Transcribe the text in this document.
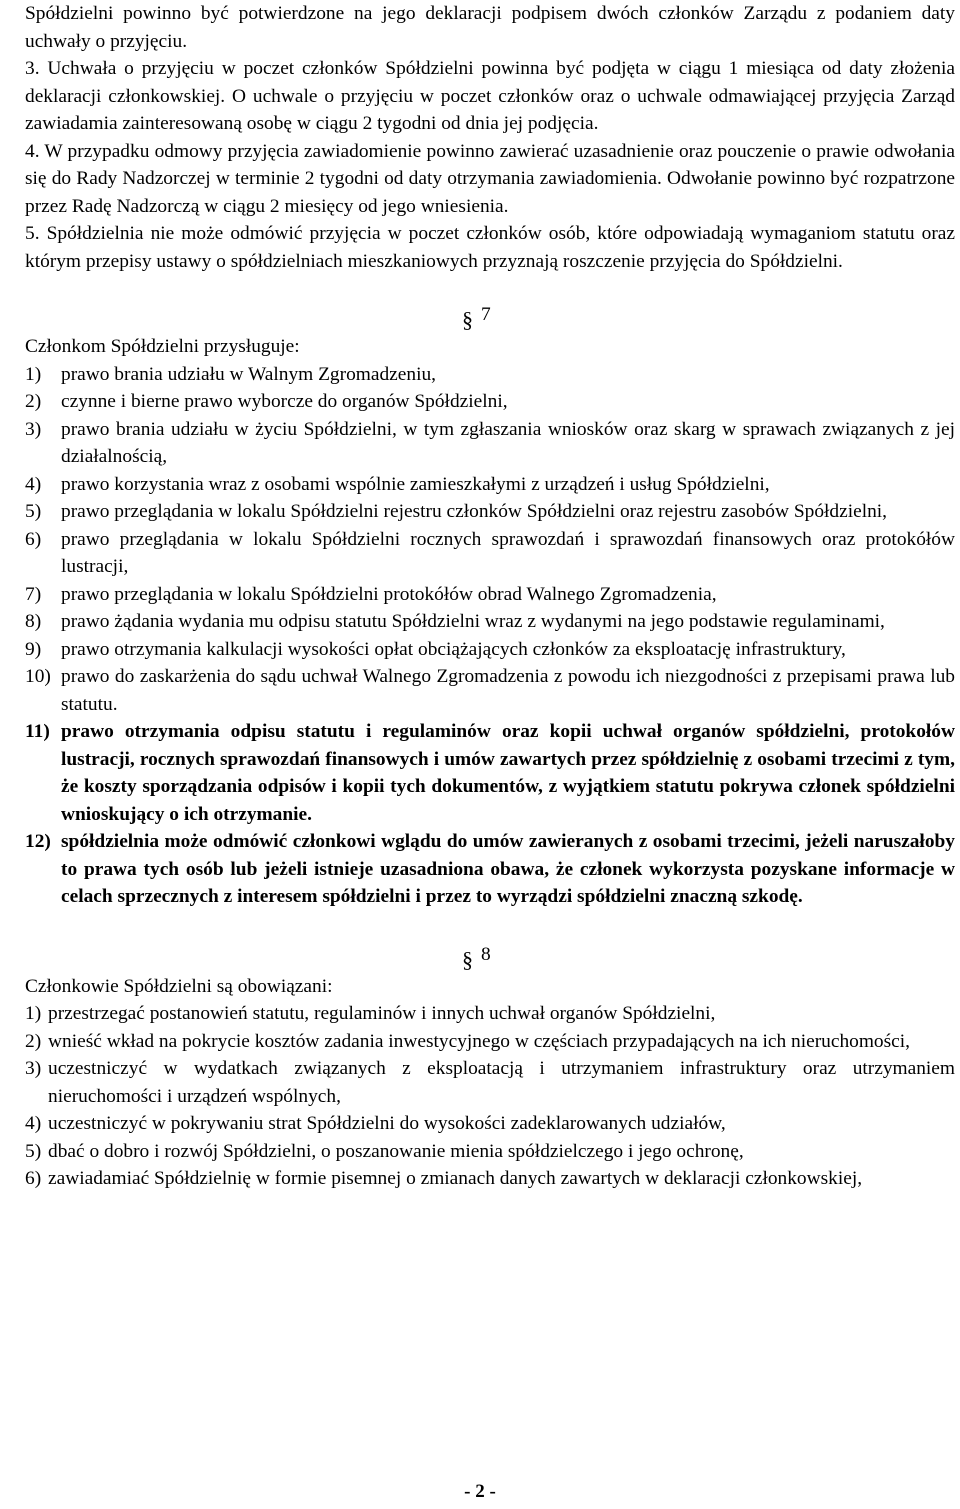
Spółdzielni powinno być potwierdzone na jego deklaracji podpisem dwóch członków Zarządu z podaniem daty uchwały o przyjęciu.

3. Uchwała o przyjęciu w poczet członków Spółdzielni powinna być podjęta w ciągu 1 miesiąca od daty złożenia deklaracji członkowskiej. O uchwale o przyjęciu w poczet członków oraz o uchwale odmawiającej przyjęcia Zarząd zawiadamia zainteresowaną osobę w ciągu 2 tygodni od dnia jej podjęcia.

4. W przypadku odmowy przyjęcia zawiadomienie powinno zawierać uzasadnienie oraz pouczenie o prawie odwołania się do Rady Nadzorczej w terminie 2 tygodni od daty otrzymania zawiadomienia. Odwołanie powinno być rozpatrzone przez Radę Nadzorczą w ciągu 2 miesięcy od jego wniesienia.

5. Spółdzielnia nie może odmówić przyjęcia w poczet członków osób, które odpowiadają wymaganiom statutu oraz którym przepisy ustawy o spółdzielniach mieszkaniowych przyznają roszczenie przyjęcia do Spółdzielni.

§ 7

Członkom Spółdzielni przysługuje:

1) prawo brania udziału w Walnym Zgromadzeniu,
2) czynne i bierne prawo wyborcze do organów Spółdzielni,
3) prawo brania udziału w życiu Spółdzielni, w tym zgłaszania wniosków oraz skarg w sprawach związanych z jej działalnością,
4) prawo korzystania wraz z osobami wspólnie zamieszkałymi z urządzeń i usług Spółdzielni,
5) prawo przeglądania w lokalu Spółdzielni rejestru członków Spółdzielni oraz rejestru zasobów Spółdzielni,
6) prawo przeglądania w lokalu Spółdzielni rocznych sprawozdań i sprawozdań finansowych oraz protokółów lustracji,
7) prawo przeglądania w lokalu Spółdzielni protokółów obrad Walnego Zgromadzenia,
8) prawo żądania wydania mu odpisu statutu Spółdzielni wraz z wydanymi na jego podstawie regulaminami,
9) prawo otrzymania kalkulacji wysokości opłat obciążających członków za eksploatację infrastruktury,
10) prawo do zaskarżenia do sądu uchwał Walnego Zgromadzenia z powodu ich niezgodności z przepisami prawa lub statutu.
11) prawo otrzymania odpisu statutu i regulaminów oraz kopii uchwał organów spółdzielni, protokołów lustracji, rocznych sprawozdań finansowych i umów zawartych przez spółdzielnię z osobami trzecimi z tym, że koszty sporządzania odpisów i kopii tych dokumentów, z wyjątkiem statutu pokrywa członek spółdzielni wnioskujący o ich otrzymanie.
12) spółdzielnia może odmówić członkowi wglądu do umów zawieranych z osobami trzecimi, jeżeli naruszałoby to prawa tych osób lub jeżeli istnieje uzasadniona obawa, że członek wykorzysta pozyskane informacje w celach sprzecznych z interesem spółdzielni i przez to wyrządzi spółdzielni znaczną szkodę.

§ 8

Członkowie Spółdzielni są obowiązani:

1) przestrzegać postanowień statutu, regulaminów i innych uchwał organów Spółdzielni,
2) wnieść wkład na pokrycie kosztów zadania inwestycyjnego w częściach przypadających na ich nieruchomości,
3) uczestniczyć w wydatkach związanych z eksploatacją i utrzymaniem infrastruktury oraz utrzymaniem nieruchomości i urządzeń wspólnych,
4) uczestniczyć w pokrywaniu strat Spółdzielni do wysokości zadeklarowanych udziałów,
5) dbać o dobro i rozwój Spółdzielni, o poszanowanie mienia spółdzielczego i jego ochronę,
6) zawiadamiać Spółdzielnię w formie pisemnej o zmianach danych zawartych w deklaracji członkowskiej,
- 2 -
